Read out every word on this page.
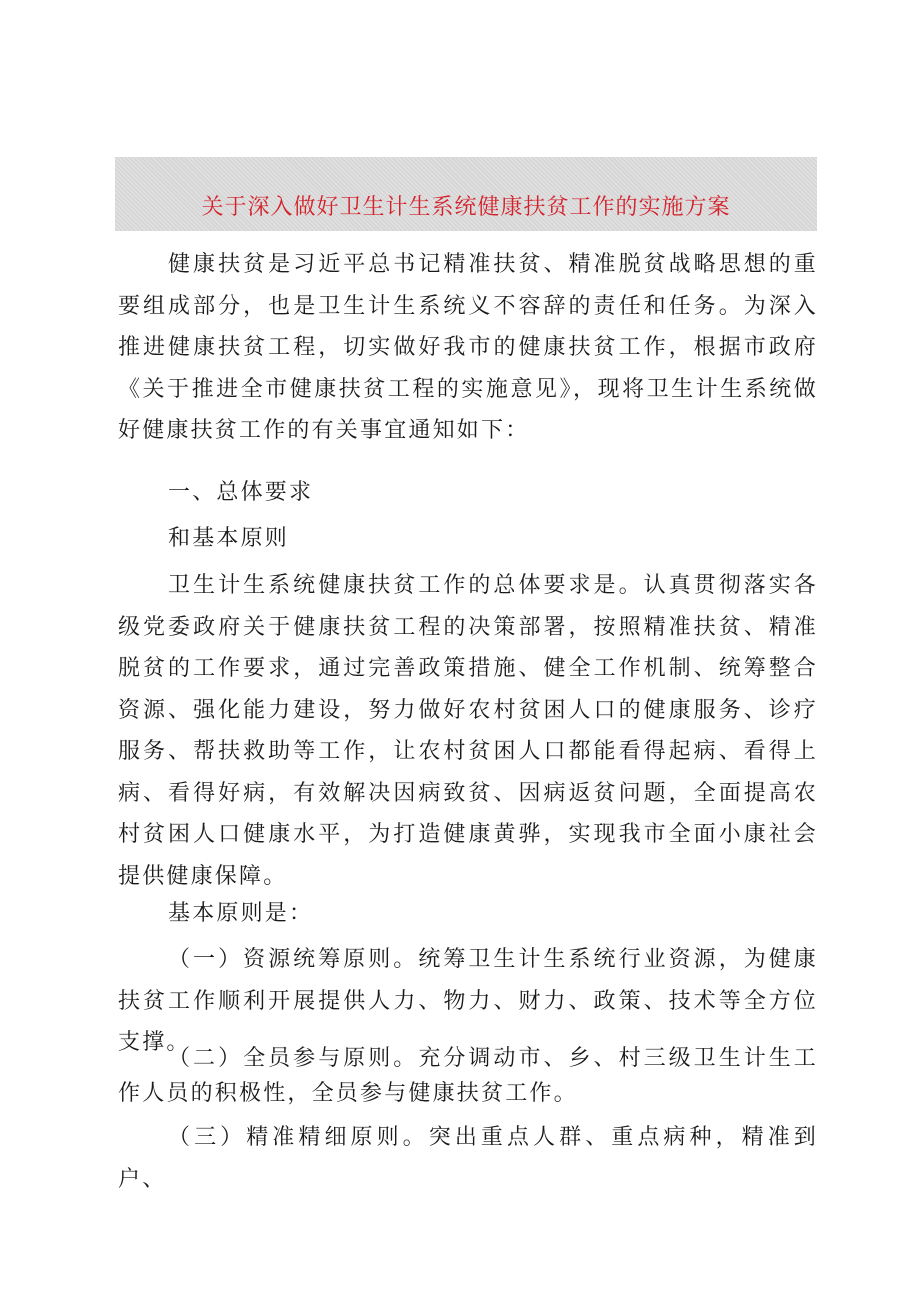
关于深入做好卫生计生系统健康扶贫工作的实施方案

健康扶贫是习近平总书记精准扶贫、精准脱贫战略思想的重要组成部分，也是卫生计生系统义不容辞的责任和任务。为深入推进健康扶贫工程，切实做好我市的健康扶贫工作，根据市政府《关于推进全市健康扶贫工程的实施意见》，现将卫生计生系统做好健康扶贫工作的有关事宜通知如下：

一、总体要求

和基本原则

卫生计生系统健康扶贫工作的总体要求是。认真贯彻落实各级党委政府关于健康扶贫工程的决策部署，按照精准扶贫、精准脱贫的工作要求，通过完善政策措施、健全工作机制、统筹整合资源、强化能力建设，努力做好农村贫困人口的健康服务、诊疗服务、帮扶救助等工作，让农村贫困人口都能看得起病、看得上病、看得好病，有效解决因病致贫、因病返贫问题，全面提高农村贫困人口健康水平，为打造健康黄骅，实现我市全面小康社会提供健康保障。

基本原则是：

（一）资源统筹原则。统筹卫生计生系统行业资源，为健康扶贫工作顺利开展提供人力、物力、财力、政策、技术等全方位支撑。

（二）全员参与原则。充分调动市、乡、村三级卫生计生工作人员的积极性，全员参与健康扶贫工作。

（三）精准精细原则。突出重点人群、重点病种，精准到户、
